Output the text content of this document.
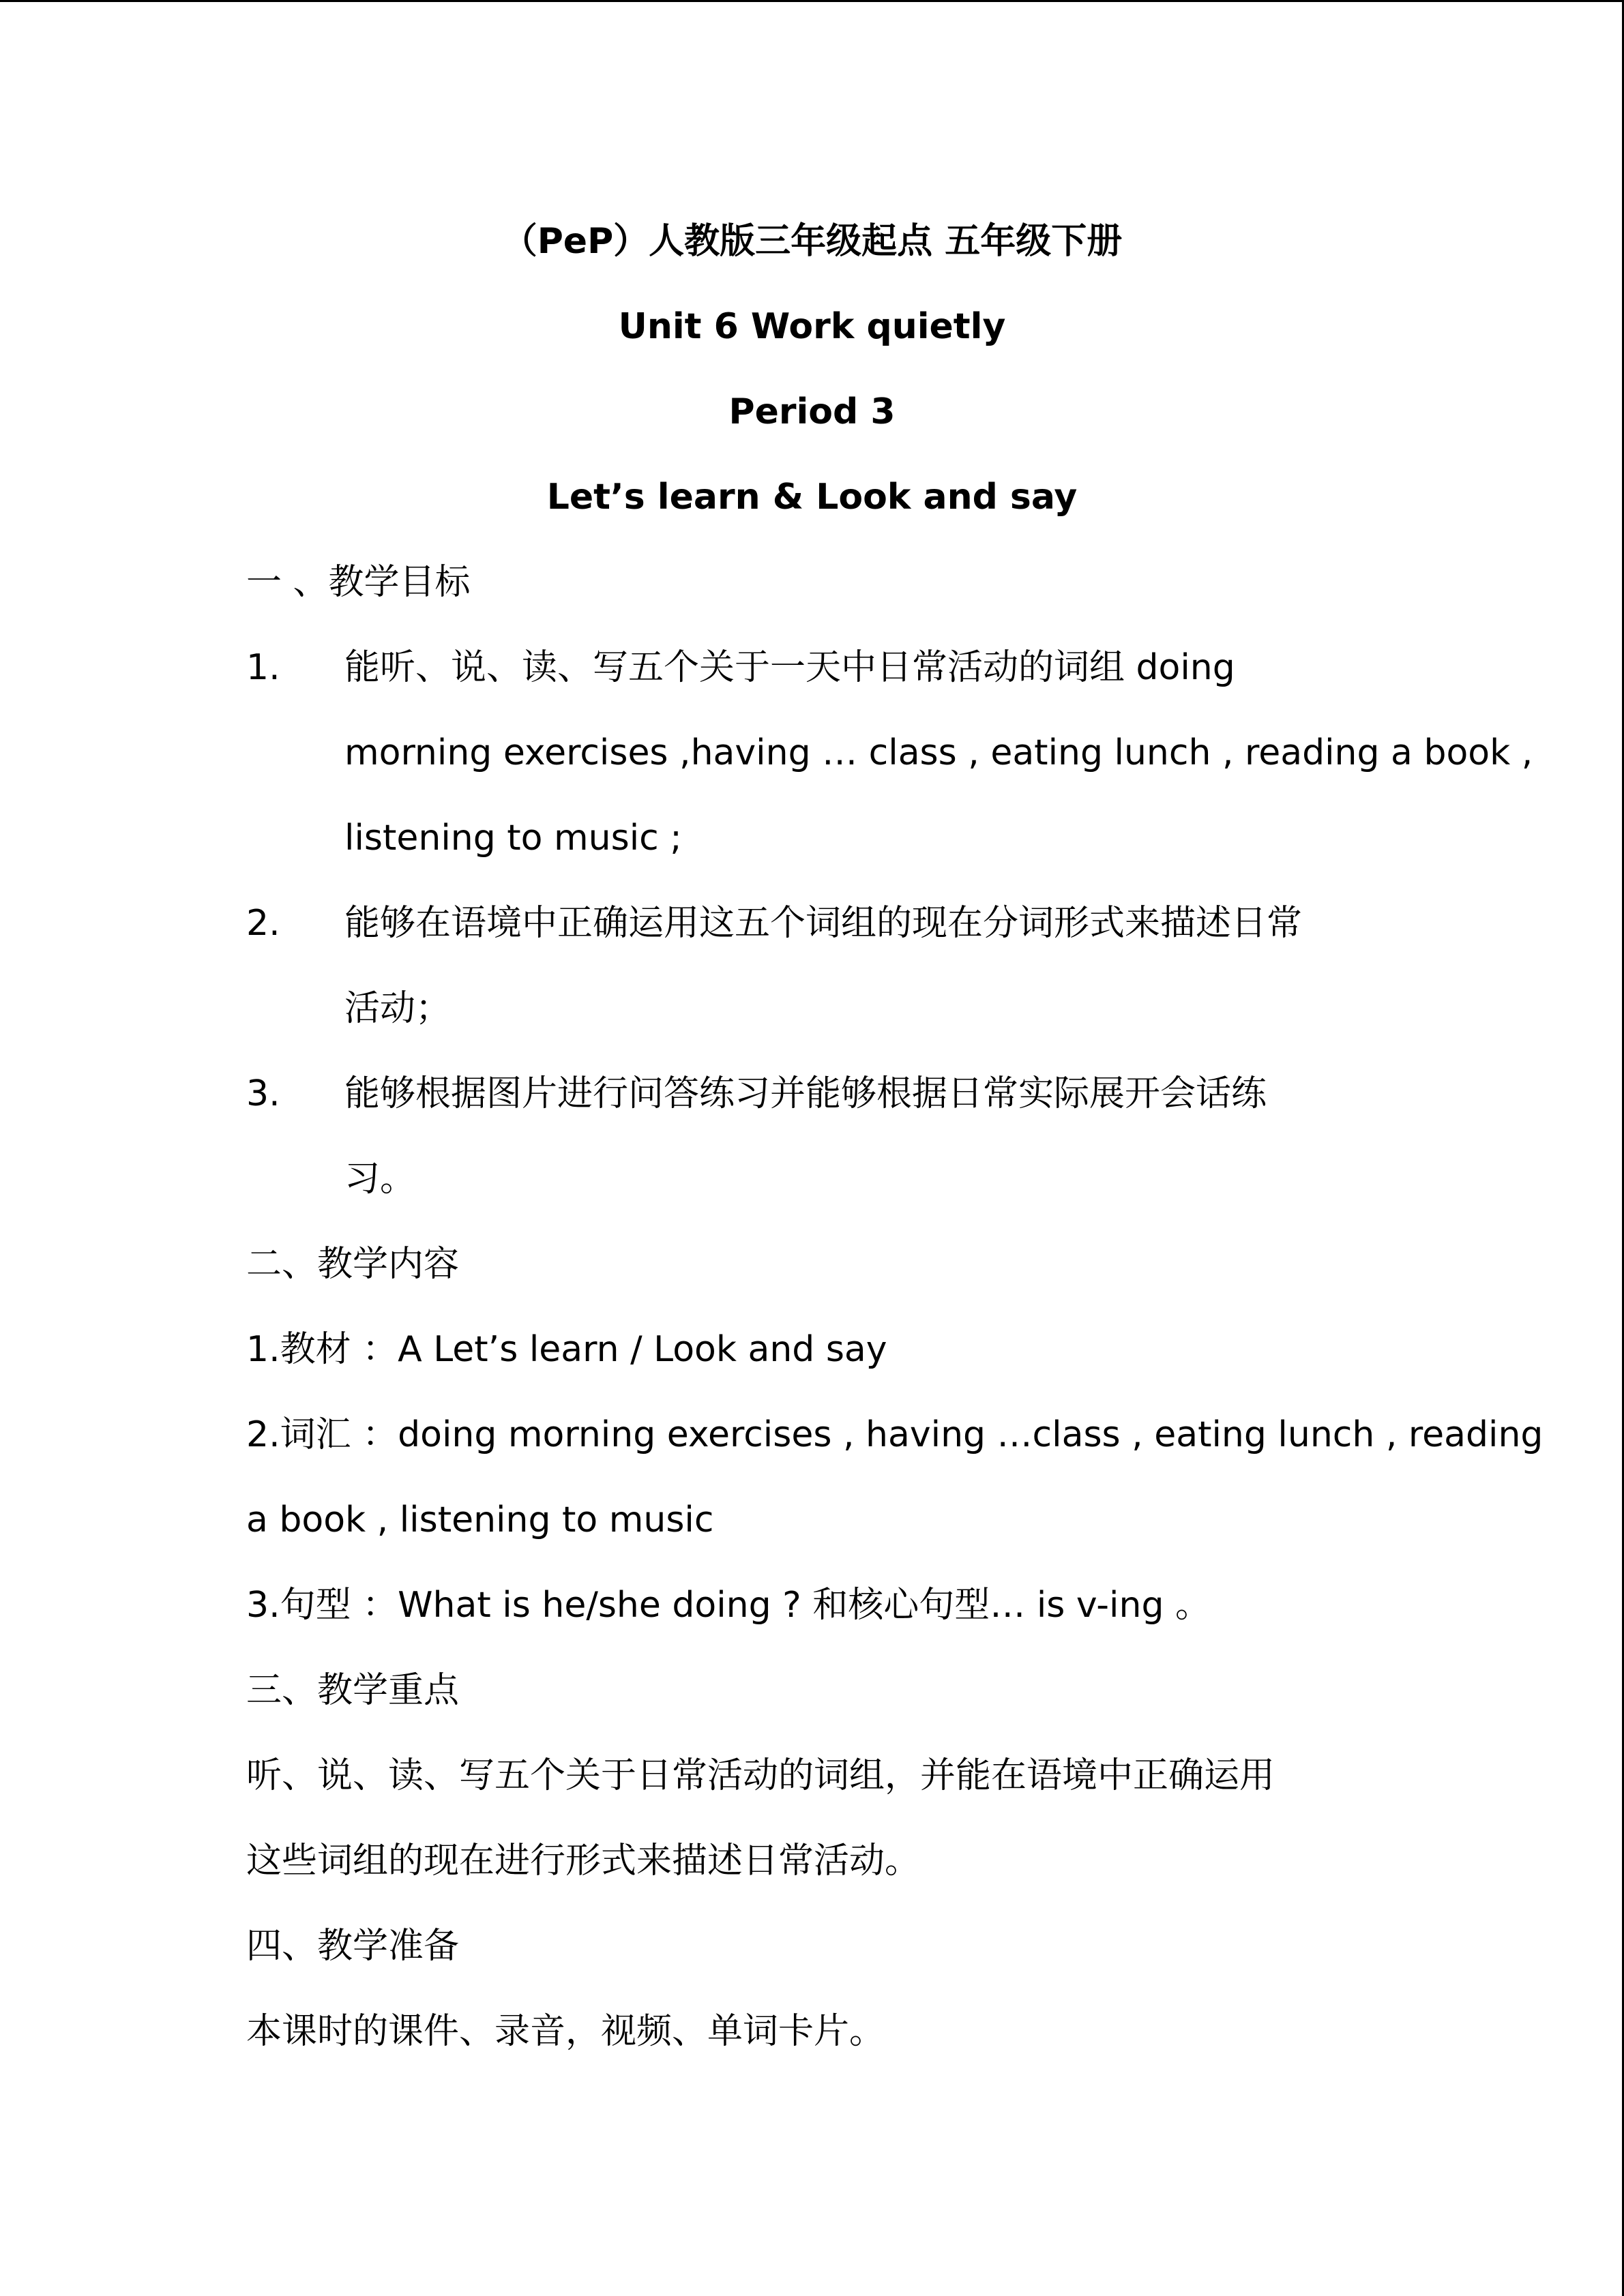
（PeP）人教版三年级起点 五年级下册
Unit 6 Work quietly
Period 3
Let’s learn & Look and say
一 、教学目标
1. 能听、说、读、写五个关于一天中日常活动的词组 doing
morning exercises ,having … class , eating lunch , reading a book ,
listening to music ;
2. 能够在语境中正确运用这五个词组的现在分词形式来描述日常
活动；
3. 能够根据图片进行问答练习并能够根据日常实际展开会话练
习。
二、教学内容
1.教材 ：A Let’s learn / Look and say
2.词汇 ：doing morning exercises , having …class , eating lunch , reading
a book , listening to music
3.句型 ：What is he/she doing ? 和核心句型… is v-ing 。
三、教学重点
听、说、读、写五个关于日常活动的词组，并能在语境中正确运用
这些词组的现在进行形式来描述日常活动。
四、教学准备
本课时的课件、录音，视频、单词卡片。
